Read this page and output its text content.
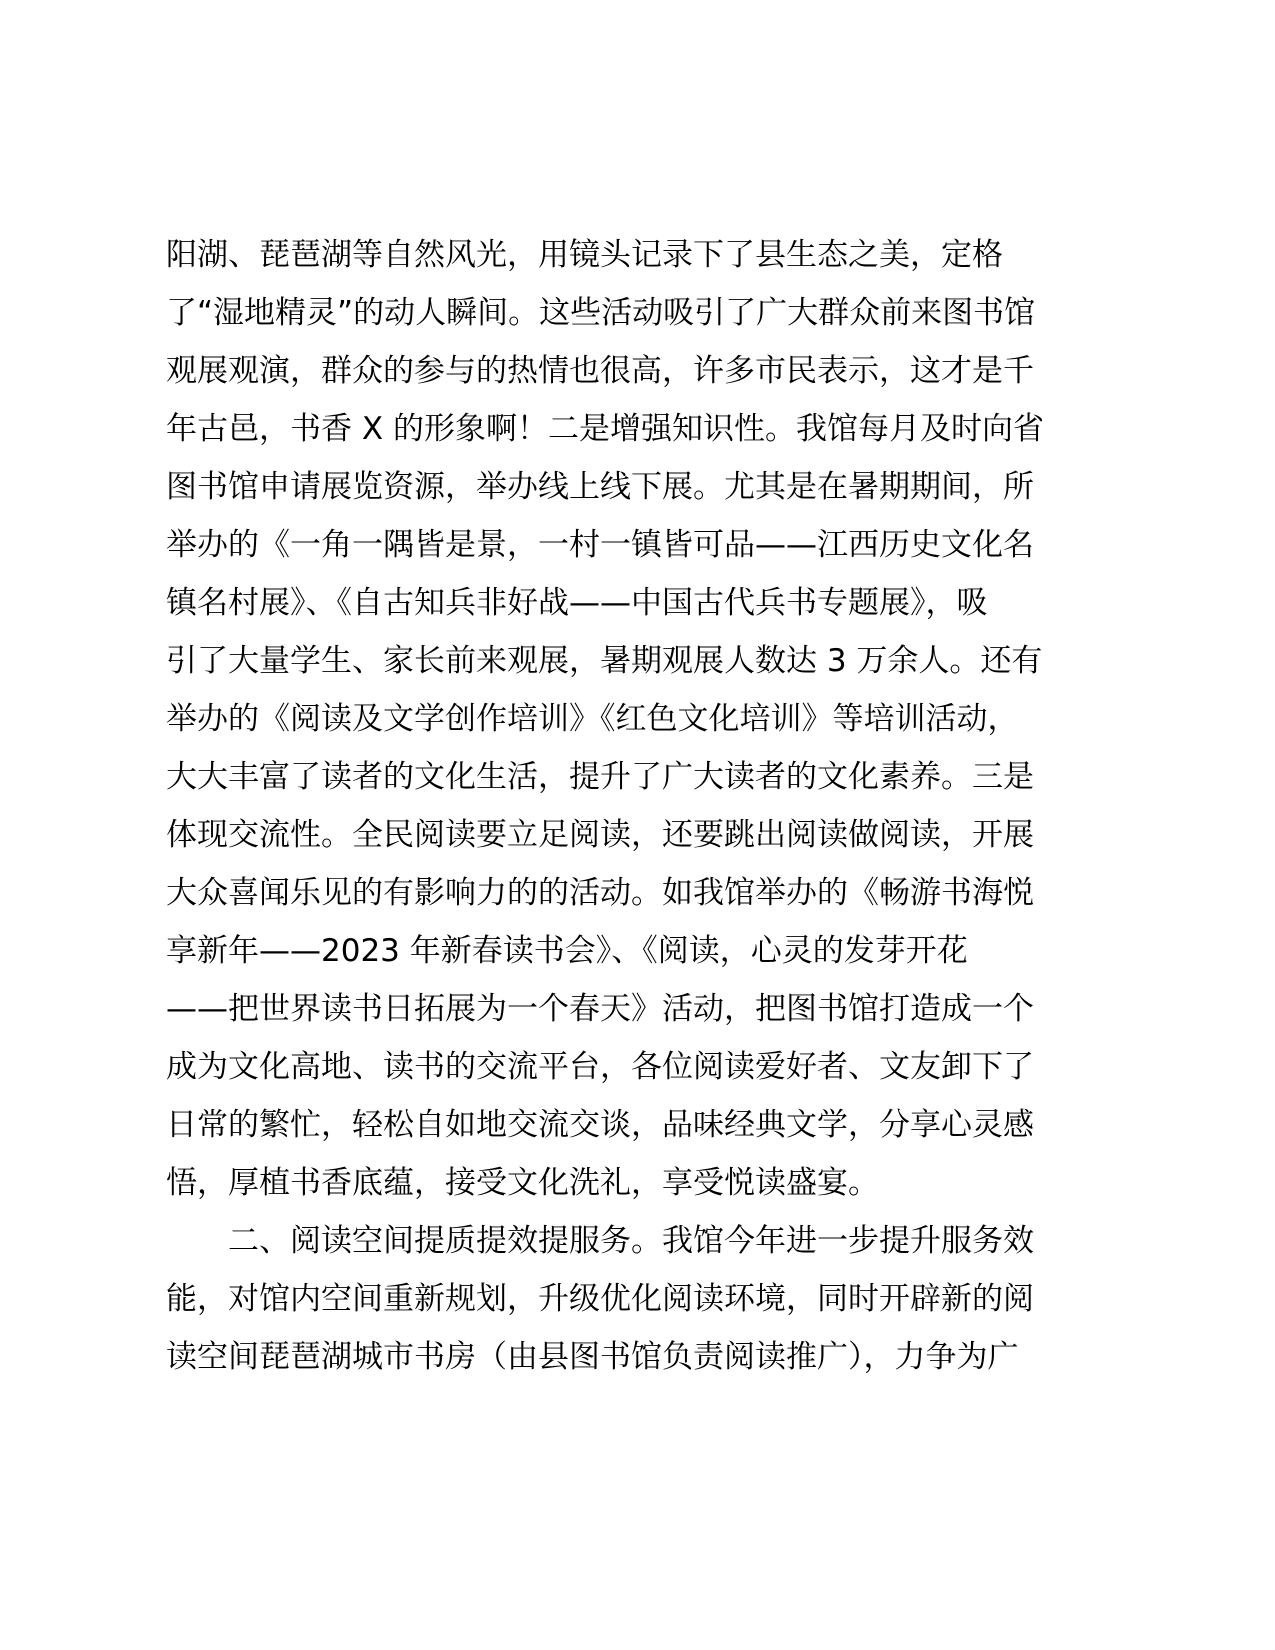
阳湖、琵琶湖等自然风光，用镜头记录下了县生态之美，定格
了“湿地精灵”的动人瞬间。这些活动吸引了广大群众前来图书馆
观展观演，群众的参与的热情也很高，许多市民表示，这才是千
年古邑，书香 X 的形象啊！二是增强知识性。我馆每月及时向省
图书馆申请展览资源，举办线上线下展。尤其是在暑期期间，所
举办的《一角一隅皆是景，一村一镇皆可品——江西历史文化名
镇名村展》、《自古知兵非好战——中国古代兵书专题展》，吸
引了大量学生、家长前来观展，暑期观展人数达 3 万余人。还有
举办的《阅读及文学创作培训》《红色文化培训》等培训活动，
大大丰富了读者的文化生活，提升了广大读者的文化素养。三是
体现交流性。全民阅读要立足阅读，还要跳出阅读做阅读，开展
大众喜闻乐见的有影响力的的活动。如我馆举办的《畅游书海悦
享新年——2023 年新春读书会》、《阅读，心灵的发芽开花
——把世界读书日拓展为一个春天》活动，把图书馆打造成一个
成为文化高地、读书的交流平台，各位阅读爱好者、文友卸下了
日常的繁忙，轻松自如地交流交谈，品味经典文学，分享心灵感
悟，厚植书香底蕴，接受文化洗礼，享受悦读盛宴。
　　二、阅读空间提质提效提服务。我馆今年进一步提升服务效
能，对馆内空间重新规划，升级优化阅读环境，同时开辟新的阅
读空间琵琶湖城市书房（由县图书馆负责阅读推广），力争为广
